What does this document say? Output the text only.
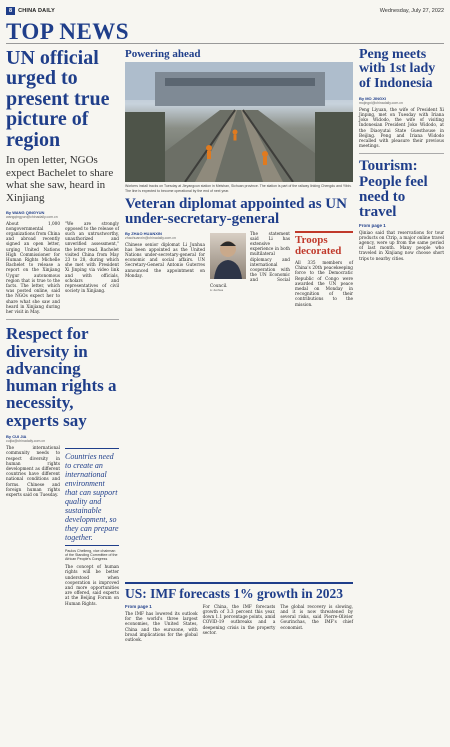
8	CHINA DAILY	Wednesday, July 27, 2022
TOP NEWS
UN official urged to present true picture of region
In open letter, NGOs expect Bachelet to share what she saw, heard in Xinjiang
By WANG QINGYUN
wangqingyun@chinadaily.com.cn

About 1,000 nongovernmental organizations from China and abroad recently signed an open letter, urging United Nations High Commissioner for Human Rights Michelle Bachelet to release a report on the Xinjiang Uygur autonomous region that is true to the facts. The letter, which was posted online, said the NGOs expect her to share what she saw and heard in Xinjiang during her visit in May.

"We are strongly opposed to the release of such an untrustworthy, unauthorized and unverified assessment," the letter read. Bachelet visited China from May 23 to 28, during which she met with President Xi Jinping via video link and with officials, scholars and representatives of civil society in Xinjiang.

Respect for diversity in advancing human rights a necessity, experts say
By CUI JIA
cuijia@chinadaily.com.cn

The international community needs to respect diversity in human rights development as different countries have different national conditions and forms. Chinese and foreign human rights experts said on Tuesday.

Countries need to create an international environment that can support quality and sustainable development, so they can prepare together.
Paulos Chelleng, vice chairman of the Standing Committee of the African People's Congress

The concept of human rights will be better understood when cooperation is improved and more opportunities are offered, said experts at the Beijing Forum on Human Rights.

Powering ahead
Workers install tracks on Tuesday at Jieyangcun station in Meishan, Sichuan province. The station is part of the railway linking Chengdu and Yibin. The line is expected to become operational by the end of next year.
Veteran diplomat appointed as UN under-secretary-general
By ZHAO HUANXIN
zhaohuanxin@chinadaily.com.cn

Chinese senior diplomat Li Junhua has been appointed as the United Nations under-secretary-general for economic and social affairs. UN Secretary-General Antonio Guterres announced the appointment on Monday.

The statement said Li has extensive experience in both multilateral diplomacy and international cooperation with the UN Economic and Social Council.

Li Junhua
Troops decorated

All 335 members of China's 20th peacekeeping force to the Democratic Republic of Congo were awarded the UN peace medal on Monday in recognition of their contributions to the mission.

US: IMF forecasts 1% growth in 2023
From page 1

The IMF has lowered its outlook for the world's three largest economies, the United States, China and the eurozone, with broad implications for the global outlook.

For China, the IMF forecasts growth of 3.3 percent this year, down 1.1 percentage points, amid COVID-19 outbreaks and a deepening crisis in the property sector.

The global recovery is slowing, and it is now threatened by several risks, said Pierre-Olivier Gourinchas, the IMF's chief economist.

Peng meets with 1st lady of Indonesia
By MO JINGXI
mojingxi@chinadaily.com.cn

Peng Liyuan, the wife of President Xi Jinping, met on Tuesday with Iriana Joko Widodo, the wife of visiting Indonesian President Joko Widodo, at the Diaoyutai State Guesthouse in Beijing. Peng and Iriana Widodo recalled with pleasure their previous meetings.

Tourism: People feel need to travel
From page 1

Qiniao said that reservations for tour products on Ctrip, a major online travel agency, were up from the same period of last month. Many people who traveled in Xinjiang now choose short trips to nearby cities.
